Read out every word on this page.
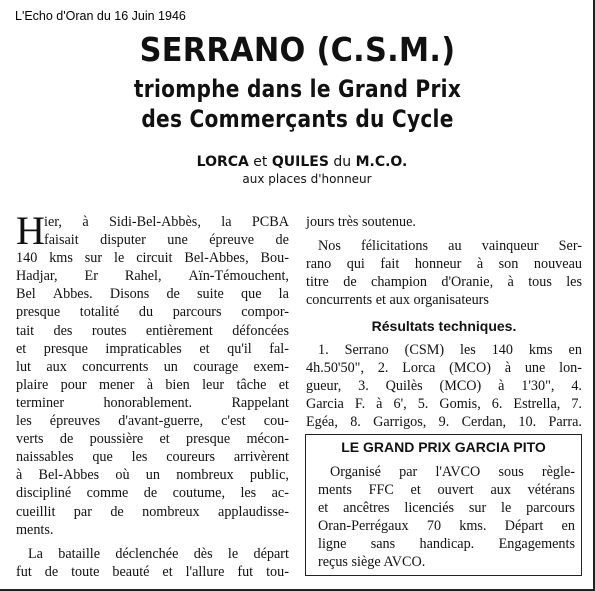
L'Echo d'Oran du 16 Juin 1946
SERRANO (C.S.M.)
triomphe dans le Grand Prix
des Commerçants du Cycle
LORCA et QUILES du M.C.O.
aux places d'honneur
H ier, à Sidi-Bel-Abbès, la PCBA
faisait disputer une épreuve de
140 kms sur le circuit Bel-Abbes, Bou-
Hadjar, Er Rahel, Aïn-Témouchent,
Bel Abbes. Disons de suite que la
presque totalité du parcours compor-
tait des routes entièrement défoncées
et presque impraticables et qu'il fal-
lut aux concurrents un courage exem-
plaire pour mener à bien leur tâche et
terminer	honorablement.	Rappelant
les épreuves d'avant-guerre, c'est cou-
verts de poussière et presque mécon-
naissables que les coureurs arrivèrent
à Bel-Abbes où un nombreux public,
discipliné comme de coutume, les ac-
cueillit par de nombreux applaudisse-
ments.
La bataille déclenchée dès le départ
fut de toute beauté et l'allure fut tou-
jours très soutenue.
Nos félicitations au vainqueur Ser-
rano qui fait honneur à son nouveau
titre de champion d'Oranie, à tous les
concurrents et aux organisateurs
Résultats techniques.
1. Serrano (CSM) les 140 kms en
4h.50'50", 2. Lorca (MCO) à une lon-
gueur, 3. Quilès (MCO) à 1'30", 4.
Garcia F. à 6', 5. Gomis, 6. Estrella, 7.
Egéa, 8. Garrigos, 9. Cerdan, 10. Parra.
LE GRAND PRIX GARCIA PITO
Organisé par l'AVCO sous règle-
ments FFC et ouvert aux vétérans
et ancêtres licenciés sur le parcours
Oran-Perrégaux 70 kms. Départ en
ligne sans handicap. Engagements
reçus siège AVCO.
